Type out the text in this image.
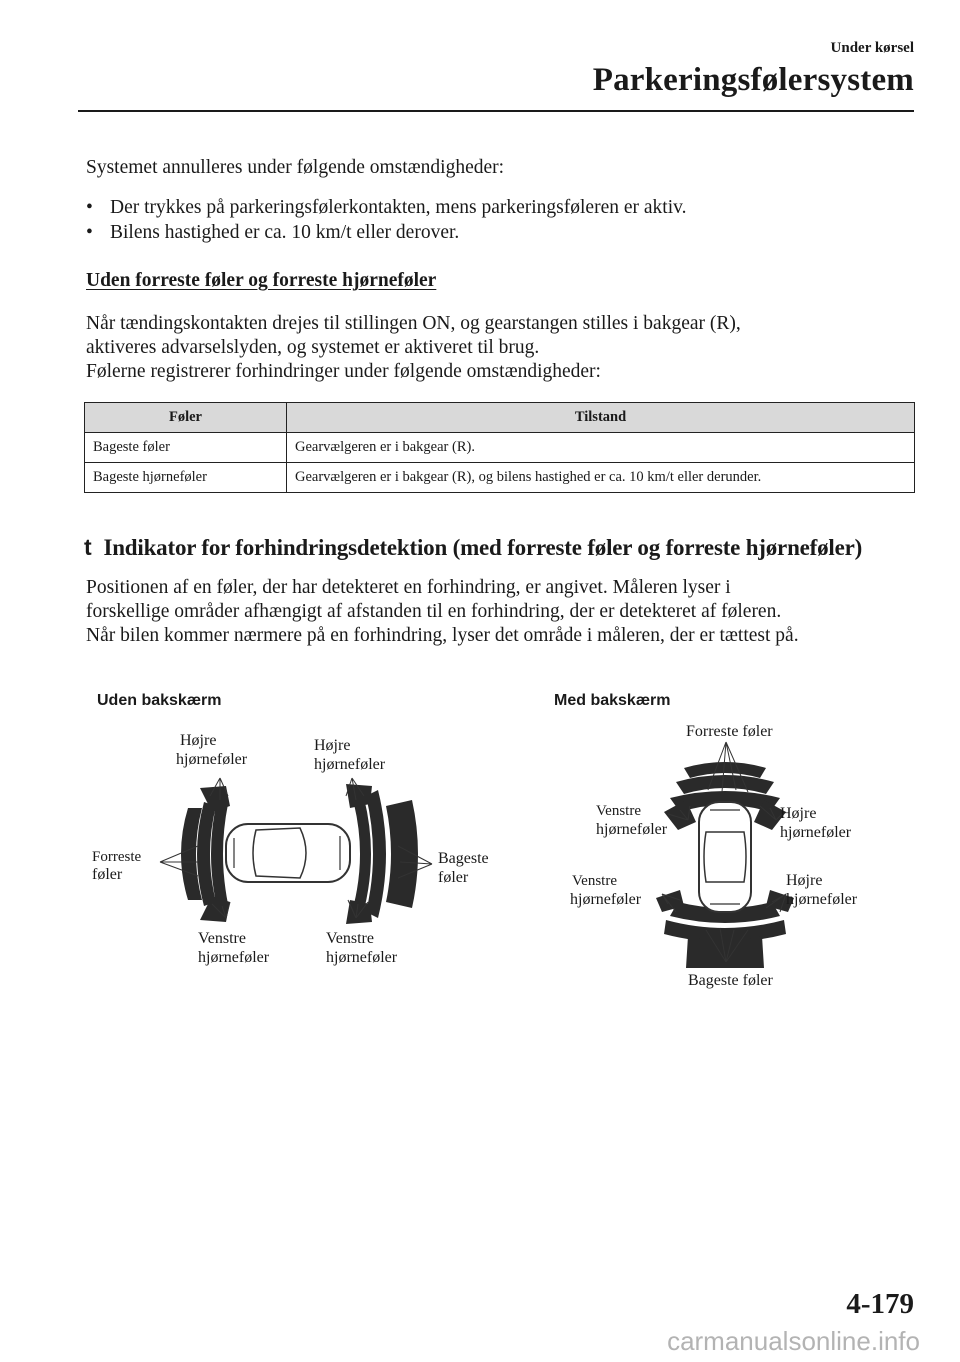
Under kørsel
Parkeringsfølersystem

Systemet annulleres under følgende omstændigheder:

• Der trykkes på parkeringsfølerkontakten, mens parkeringsføleren er aktiv.
• Bilens hastighed er ca. 10 km/t eller derover.
Uden forreste føler og forreste hjørneføler

Når tændingskontakten drejes til stillingen ON, og gearstangen stilles i bakgear (R),

aktiveres advarselslyden, og systemet er aktiveret til brug.

Følerne registrerer forhindringer under følgende omstændigheder:

Føler	Tilstand
Bageste føler	Gearvælgeren er i bakgear (R).
Bageste hjørneføler	Gearvælgeren er i bakgear (R), og bilens hastighed er ca. 10 km/t eller derunder.
t Indikator for forhindringsdetektion (med forreste føler og forreste hjørneføler)

Positionen af en føler, der har detekteret en forhindring, er angivet. Måleren lyser i

forskellige områder afhængigt af afstanden til en forhindring, der er detekteret af føleren.

Når bilen kommer nærmere på en forhindring, lyser det område i måleren, der er tættest på.

Uden bakskærm	Med bakskærm
Højre
hjørneføler
Højre
hjørneføler
Forreste
føler
Bageste
føler
Venstre
hjørneføler
Venstre
hjørneføler
Forreste føler
Venstre
hjørneføler
Højre
hjørneføler
Venstre
hjørneføler
Højre
hjørneføler
Bageste føler
4-179
carmanualsonline.info
